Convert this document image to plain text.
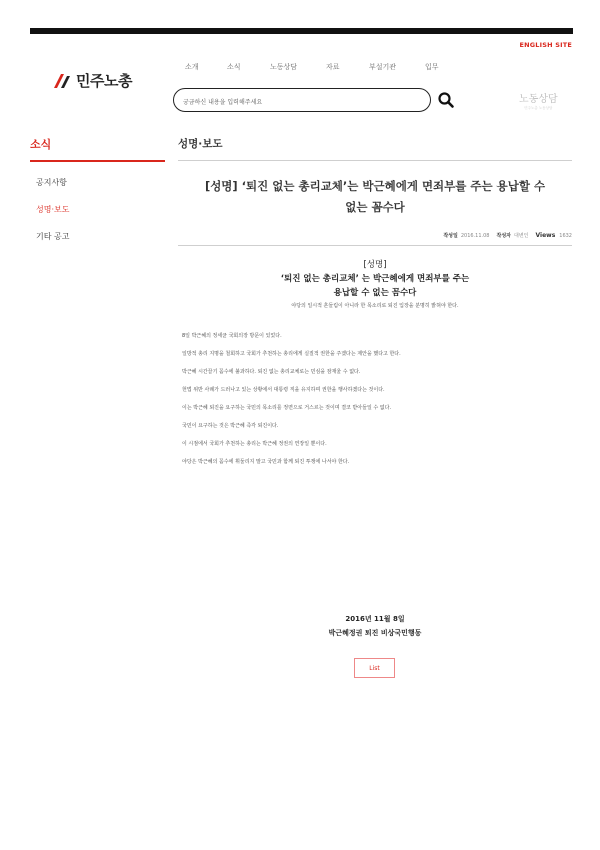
ENGLISH SITE
민주노총
소개	소식	노동상담	자료	부설기관	입무
궁금하신 내용을 입력해주세요
노동상담
민주노총 노동상담
소식
공지사항
성명·보도
기타 공고
성명·보도
[성명] ‘퇴진 없는 총리교체’는 박근혜에게 면죄부를 주는 용납할 수
없는 꼼수다
작성일 2016.11.08 작성자 대변인 Views 1632
[성명]
‘퇴진 없는 총리교체’ 는 박근혜에게 면죄부를 주는
용납할 수 없는 꼼수다
야당의 일시적 흔들림이 아니라 한 목소리로 퇴진 입장을 분명히 밝혀야 한다.

8일 박근혜의 정세균 국회의장 방문이 있었다.

일방적 총리 지명을 철회하고 국회가 추천하는 총리에게 실질적 권한을 주겠다는 제안을 했다고 한다.

박근혜 시간끌기 꼼수에 불과하다. 퇴진 없는 총리교체로는 민심을 잠재울 수 없다.

헌법 위반 사례가 드러나고 있는 상황에서 대통령 직을 유지하며 권한을 행사하겠다는 것이다.

이는 박근혜 퇴진을 요구하는 국민의 목소리를 정면으로 거스르는 것이며 결코 받아들일 수 없다.

국민이 요구하는 것은 박근혜 즉각 퇴진이다.

이 시점에서 국회가 추천하는 총리는 박근혜 정권의 연장일 뿐이다.

야당은 박근혜의 꼼수에 휘둘리지 말고 국민과 함께 퇴진 투쟁에 나서야 한다.

2016년 11월 8일
박근혜정권 퇴진 비상국민행동
List
